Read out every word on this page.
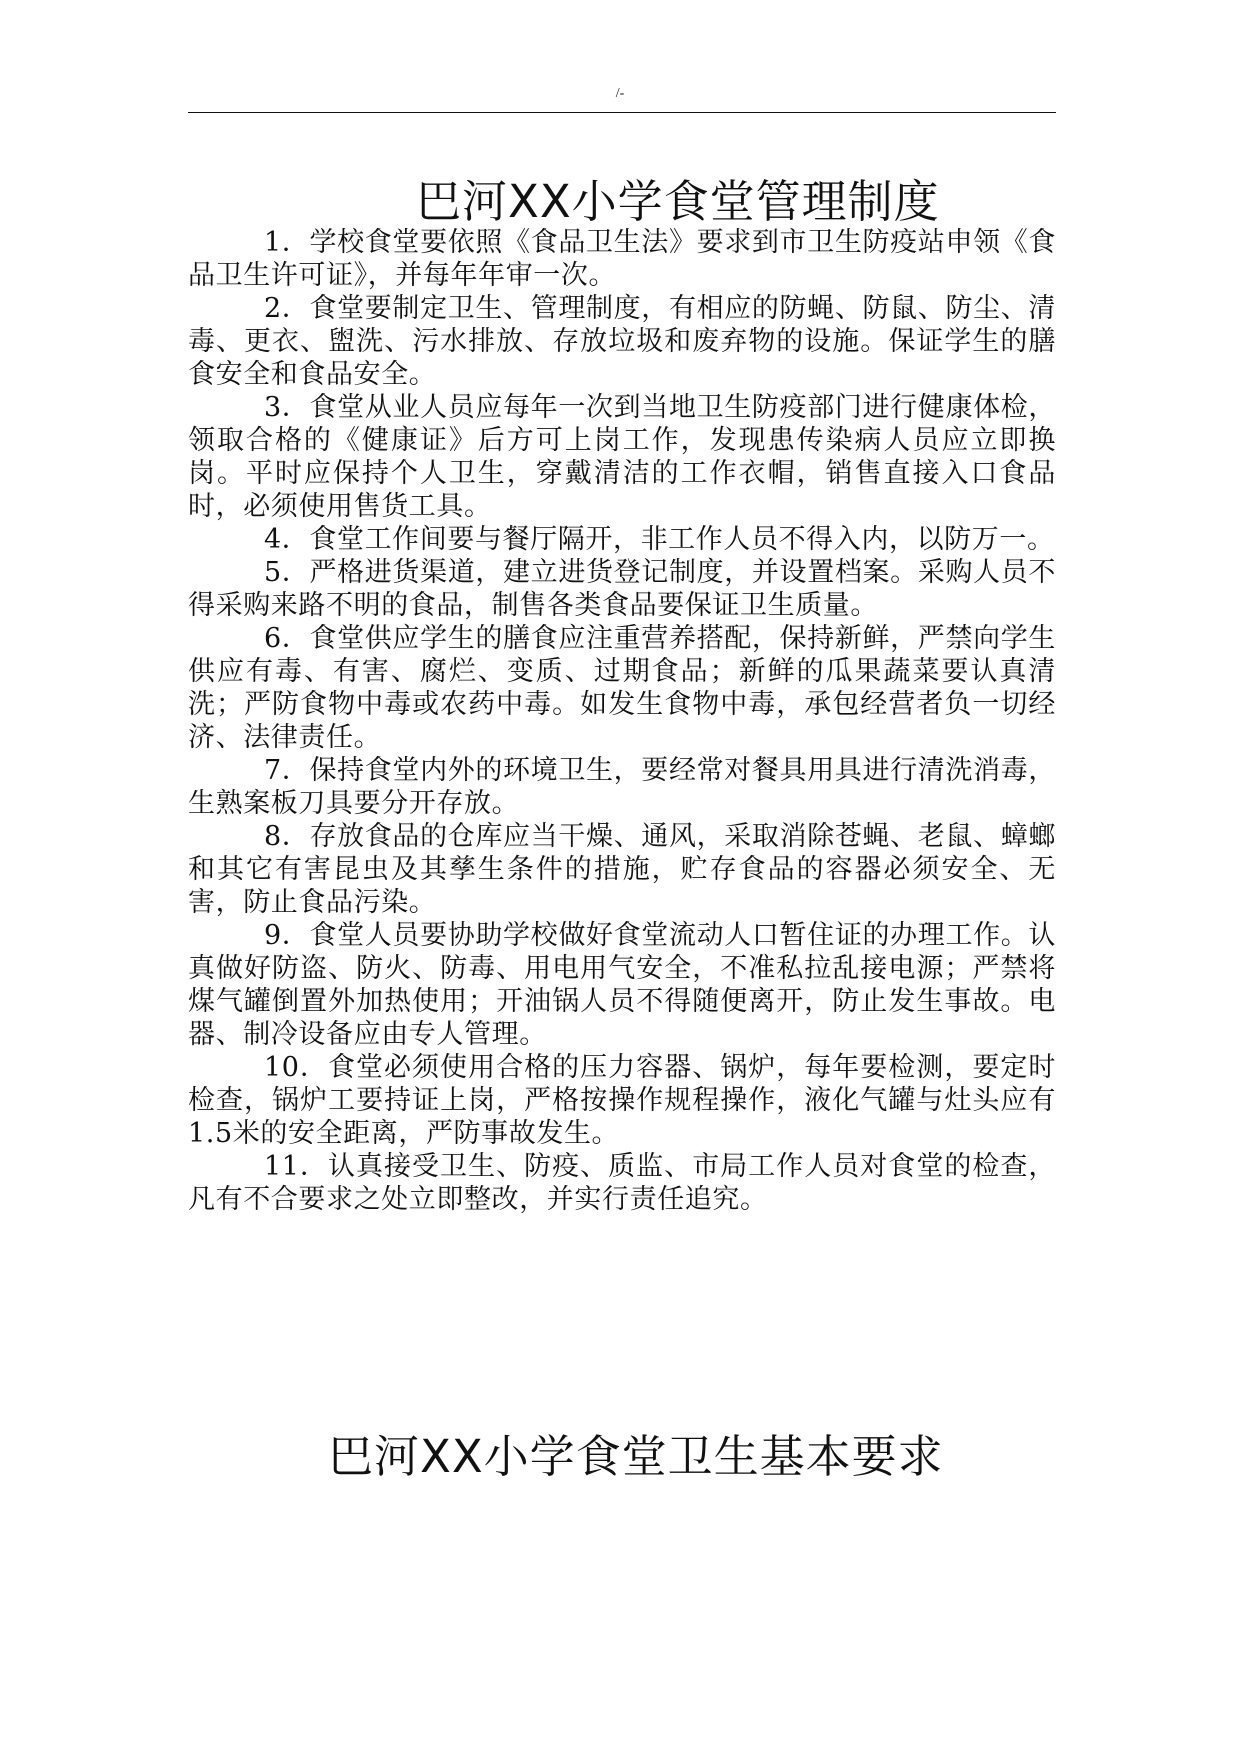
/-
巴河XX小学食堂管理制度

1．学校食堂要依照《食品卫生法》要求到市卫生防疫站申领《食品卫生许可证》，并每年年审一次。

2．食堂要制定卫生、管理制度，有相应的防蝇、防鼠、防尘、清毒、更衣、盥洗、污水排放、存放垃圾和废弃物的设施。保证学生的膳食安全和食品安全。

3．食堂从业人员应每年一次到当地卫生防疫部门进行健康体检，领取合格的《健康证》后方可上岗工作，发现患传染病人员应立即换岗。平时应保持个人卫生，穿戴清洁的工作衣帽，销售直接入口食品时，必须使用售货工具。

4．食堂工作间要与餐厅隔开，非工作人员不得入内，以防万一。

5．严格进货渠道，建立进货登记制度，并设置档案。采购人员不得采购来路不明的食品，制售各类食品要保证卫生质量。

6．食堂供应学生的膳食应注重营养搭配，保持新鲜，严禁向学生供应有毒、有害、腐烂、变质、过期食品；新鲜的瓜果蔬菜要认真清洗；严防食物中毒或农药中毒。如发生食物中毒，承包经营者负一切经济、法律责任。

7．保持食堂内外的环境卫生，要经常对餐具用具进行清洗消毒，生熟案板刀具要分开存放。

8．存放食品的仓库应当干燥、通风，采取消除苍蝇、老鼠、蟑螂和其它有害昆虫及其孳生条件的措施，贮存食品的容器必须安全、无害，防止食品污染。

9．食堂人员要协助学校做好食堂流动人口暂住证的办理工作。认真做好防盗、防火、防毒、用电用气安全，不准私拉乱接电源；严禁将煤气罐倒置外加热使用；开油锅人员不得随便离开，防止发生事故。电器、制冷设备应由专人管理。

10．食堂必须使用合格的压力容器、锅炉，每年要检测，要定时检查，锅炉工要持证上岗，严格按操作规程操作，液化气罐与灶头应有1.5米的安全距离，严防事故发生。

11．认真接受卫生、防疫、质监、市局工作人员对食堂的检查，凡有不合要求之处立即整改，并实行责任追究。

巴河XX小学食堂卫生基本要求
